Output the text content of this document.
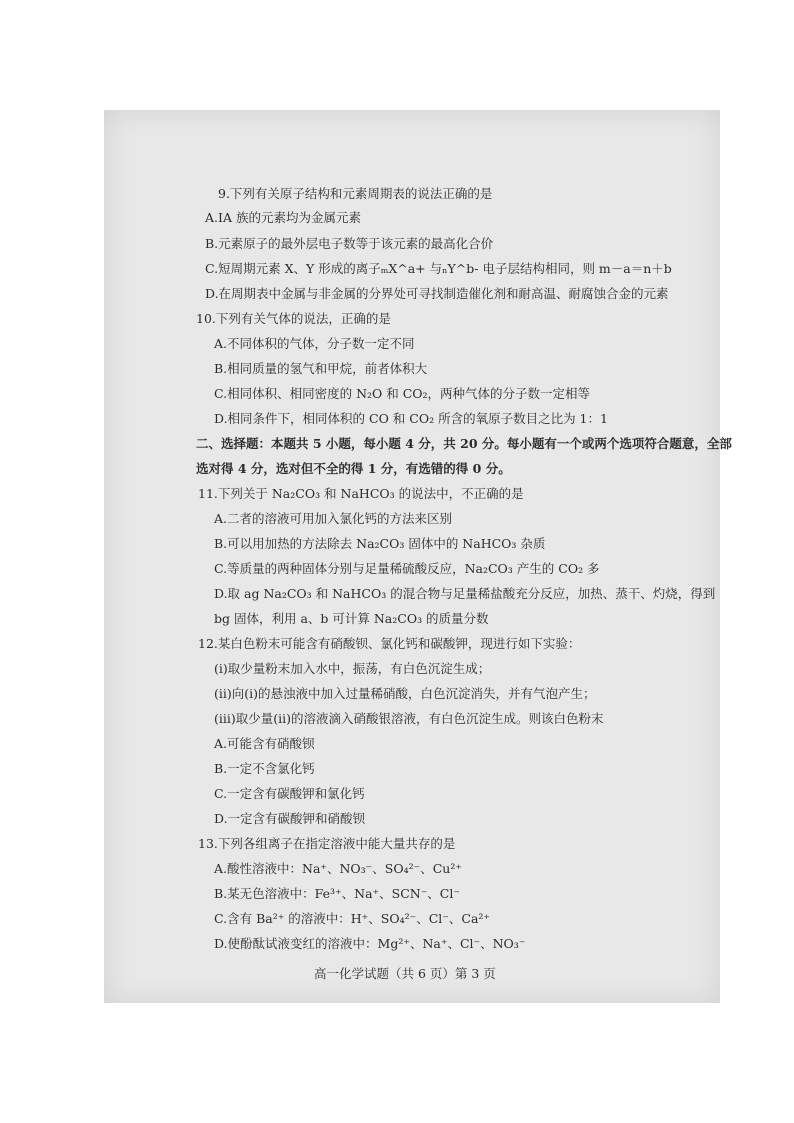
9.下列有关原子结构和元素周期表的说法正确的是
A.ⅠA 族的元素均为金属元素
B.元素原子的最外层电子数等于该元素的最高化合价
C.短周期元素 X、Y 形成的离子ₘX^a+ 与ₙY^b- 电子层结构相同，则 m－a＝n＋b
D.在周期表中金属与非金属的分界处可寻找制造催化剂和耐高温、耐腐蚀合金的元素
10.下列有关气体的说法，正确的是
A.不同体积的气体，分子数一定不同
B.相同质量的氢气和甲烷，前者体积大
C.相同体积、相同密度的 N₂O 和 CO₂，两种气体的分子数一定相等
D.相同条件下，相同体积的 CO 和 CO₂ 所含的氧原子数目之比为 1：1
二、选择题：本题共 5 小题，每小题 4 分，共 20 分。每小题有一个或两个选项符合题意，全部
选对得 4 分，选对但不全的得 1 分，有选错的得 0 分。
11.下列关于 Na₂CO₃ 和 NaHCO₃ 的说法中，不正确的是
A.二者的溶液可用加入氯化钙的方法来区别
B.可以用加热的方法除去 Na₂CO₃ 固体中的 NaHCO₃ 杂质
C.等质量的两种固体分别与足量稀硫酸反应，Na₂CO₃ 产生的 CO₂ 多
D.取 ag Na₂CO₃ 和 NaHCO₃ 的混合物与足量稀盐酸充分反应，加热、蒸干、灼烧，得到
bg 固体，利用 a、b 可计算 Na₂CO₃ 的质量分数
12.某白色粉末可能含有硝酸钡、氯化钙和碳酸钾，现进行如下实验：
(ⅰ)取少量粉末加入水中，振荡，有白色沉淀生成；
(ⅱ)向(ⅰ)的悬浊液中加入过量稀硝酸，白色沉淀消失，并有气泡产生；
(ⅲ)取少量(ⅱ)的溶液滴入硝酸银溶液，有白色沉淀生成。则该白色粉末
A.可能含有硝酸钡
B.一定不含氯化钙
C.一定含有碳酸钾和氯化钙
D.一定含有碳酸钾和硝酸钡
13.下列各组离子在指定溶液中能大量共存的是
A.酸性溶液中：Na⁺、NO₃⁻、SO₄²⁻、Cu²⁺
B.某无色溶液中：Fe³⁺、Na⁺、SCN⁻、Cl⁻
C.含有 Ba²⁺ 的溶液中：H⁺、SO₄²⁻、Cl⁻、Ca²⁺
D.使酚酞试液变红的溶液中：Mg²⁺、Na⁺、Cl⁻、NO₃⁻
高一化学试题（共 6 页）第 3 页
